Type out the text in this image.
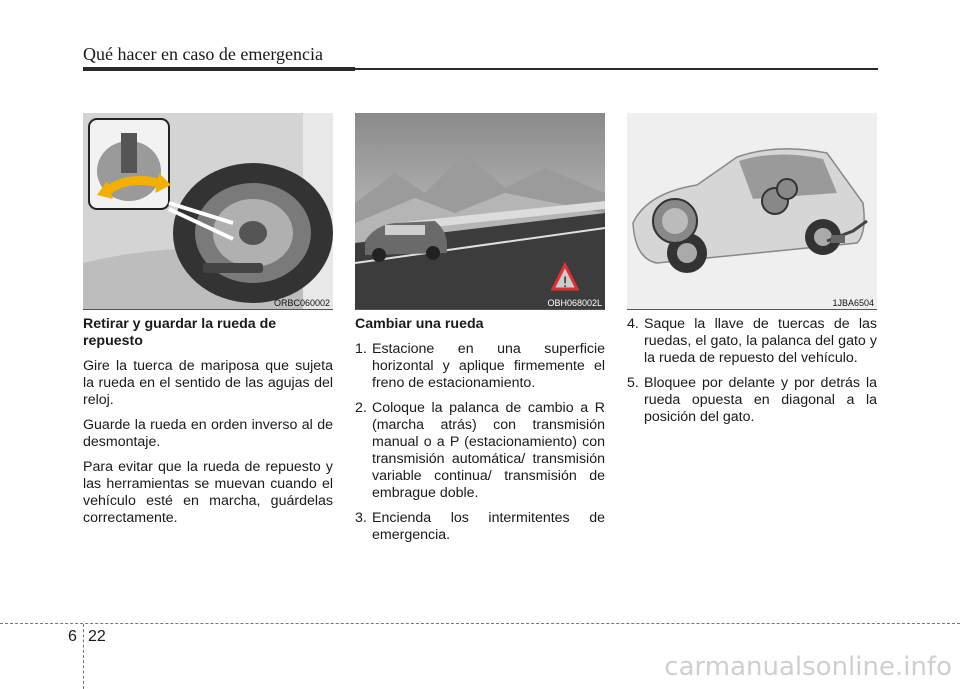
Qué hacer en caso de emergencia
ORBC060002
!
OBH068002L	1JBA6504
Retirar y guardar la rueda de repuesto

Gire la tuerca de mariposa que sujeta la rueda en el sentido de las agujas del reloj.

Guarde la rueda en orden inverso al de desmontaje.

Para evitar que la rueda de repuesto y las herramientas se muevan cuando el vehículo esté en marcha, guárdelas correctamente.

Cambiar una rueda
1. Estacione en una superficie horizontal y aplique firmemente el freno de estacionamiento.
2. Coloque la palanca de cambio a R (marcha atrás) con transmisión manual o a P (estacionamiento) con transmisión automática/ transmisión variable continua/ transmisión de embrague doble.
3. Encienda los intermitentes de emergencia.
4. Saque la llave de tuercas de las ruedas, el gato, la palanca del gato y la rueda de repuesto del vehículo.
5. Bloquee por delante y por detrás la rueda opuesta en diagonal a la posición del gato.
6 22
carmanualsonline.info
